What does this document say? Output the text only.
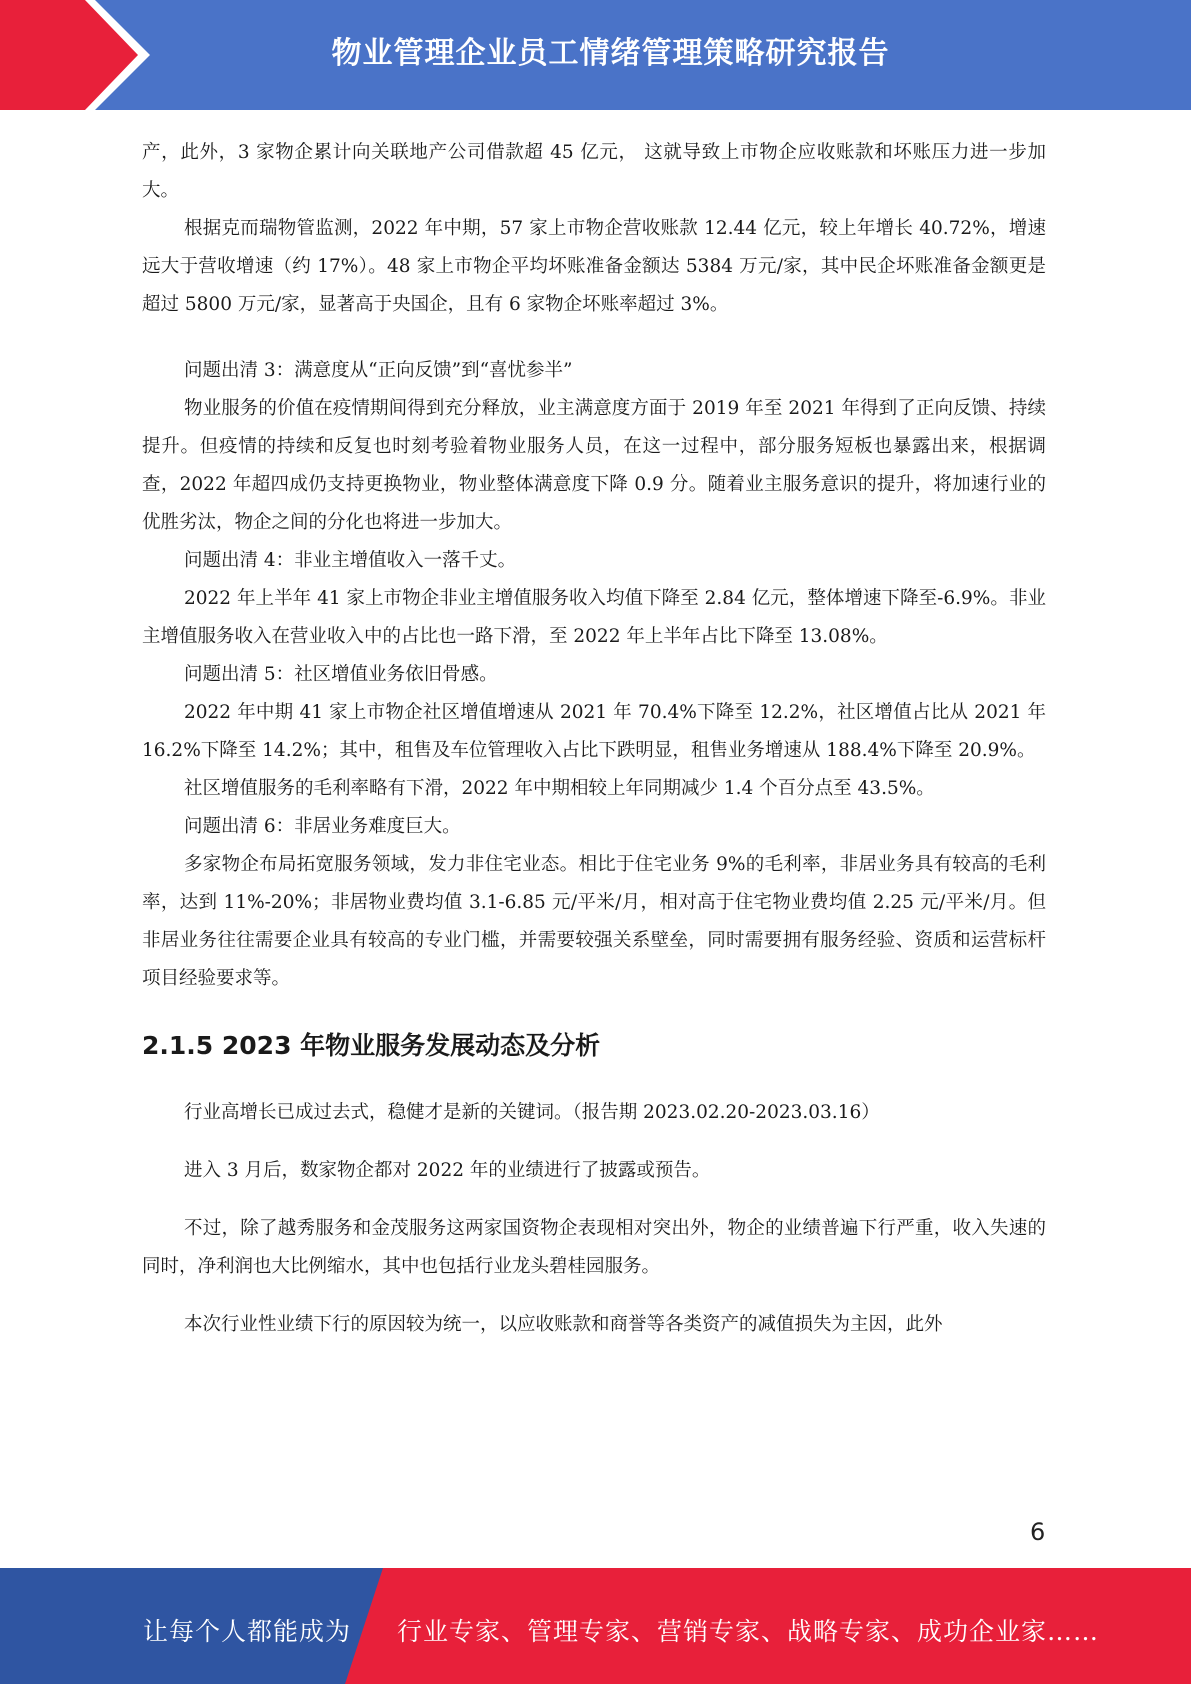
物业管理企业员工情绪管理策略研究报告

产，此外，3 家物企累计向关联地产公司借款超 45 亿元， 这就导致上市物企应收账款和坏账压力进一步加大。

根据克而瑞物管监测，2022 年中期，57 家上市物企营收账款 12.44 亿元，较上年增长 40.72%，增速远大于营收增速（约 17%）。48 家上市物企平均坏账准备金额达 5384 万元/家，其中民企坏账准备金额更是超过 5800 万元/家，显著高于央国企，且有 6 家物企坏账率超过 3%。

问题出清 3：满意度从“正向反馈”到“喜忧参半”

物业服务的价值在疫情期间得到充分释放，业主满意度方面于 2019 年至 2021 年得到了正向反馈、持续提升。但疫情的持续和反复也时刻考验着物业服务人员，在这一过程中，部分服务短板也暴露出来，根据调查，2022 年超四成仍支持更换物业，物业整体满意度下降 0.9 分。随着业主服务意识的提升，将加速行业的优胜劣汰，物企之间的分化也将进一步加大。

问题出清 4：非业主增值收入一落千丈。

2022 年上半年 41 家上市物企非业主增值服务收入均值下降至 2.84 亿元，整体增速下降至-6.9%。非业主增值服务收入在营业收入中的占比也一路下滑，至 2022 年上半年占比下降至 13.08%。

问题出清 5：社区增值业务依旧骨感。

2022 年中期 41 家上市物企社区增值增速从 2021 年 70.4%下降至 12.2%，社区增值占比从 2021 年 16.2%下降至 14.2%；其中，租售及车位管理收入占比下跌明显，租售业务增速从 188.4%下降至 20.9%。

社区增值服务的毛利率略有下滑，2022 年中期相较上年同期减少 1.4 个百分点至 43.5%。

问题出清 6：非居业务难度巨大。

多家物企布局拓宽服务领域，发力非住宅业态。相比于住宅业务 9%的毛利率，非居业务具有较高的毛利率，达到 11%-20%；非居物业费均值 3.1-6.85 元/平米/月，相对高于住宅物业费均值 2.25 元/平米/月。但非居业务往往需要企业具有较高的专业门槛，并需要较强关系壁垒，同时需要拥有服务经验、资质和运营标杆项目经验要求等。

2.1.5 2023 年物业服务发展动态及分析

行业高增长已成过去式，稳健才是新的关键词。（报告期 2023.02.20-2023.03.16）

进入 3 月后，数家物企都对 2022 年的业绩进行了披露或预告。

不过，除了越秀服务和金茂服务这两家国资物企表现相对突出外，物企的业绩普遍下行严重，收入失速的同时，净利润也大比例缩水，其中也包括行业龙头碧桂园服务。

本次行业性业绩下行的原因较为统一，以应收账款和商誉等各类资产的减值损失为主因，此外

6
让每个人都能成为 行业专家、管理专家、营销专家、战略专家、成功企业家……
